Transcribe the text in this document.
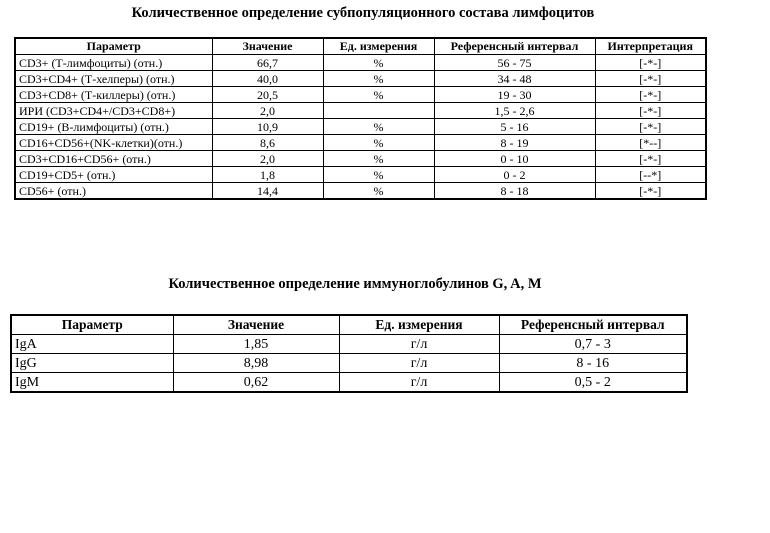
Количественное определение субпопуляционного состава лимфоцитов
Параметр	Значение	Ед. измерения	Референсный интервал	Интерпретация
CD3+ (Т-лимфоциты) (отн.)	66,7	%	56 - 75	[-*-]
CD3+CD4+ (Т-хелперы) (отн.)	40,0	%	34 - 48	[-*-]
CD3+CD8+ (Т-киллеры) (отн.)	20,5	%	19 - 30	[-*-]
ИРИ (CD3+CD4+/CD3+CD8+)	2,0		1,5 - 2,6	[-*-]
CD19+ (В-лимфоциты) (отн.)	10,9	%	5 - 16	[-*-]
CD16+CD56+(NK-клетки)(отн.)	8,6	%	8 - 19	[*--]
CD3+CD16+CD56+ (отн.)	2,0	%	0 - 10	[-*-]
CD19+CD5+ (отн.)	1,8	%	0 - 2	[--*]
CD56+ (отн.)	14,4	%	8 - 18	[-*-]
Количественное определение иммуноглобулинов G, A, M
Параметр	Значение	Ед. измерения	Референсный интервал
IgA	1,85	г/л	0,7 - 3
IgG	8,98	г/л	8 - 16
IgM	0,62	г/л	0,5 - 2
